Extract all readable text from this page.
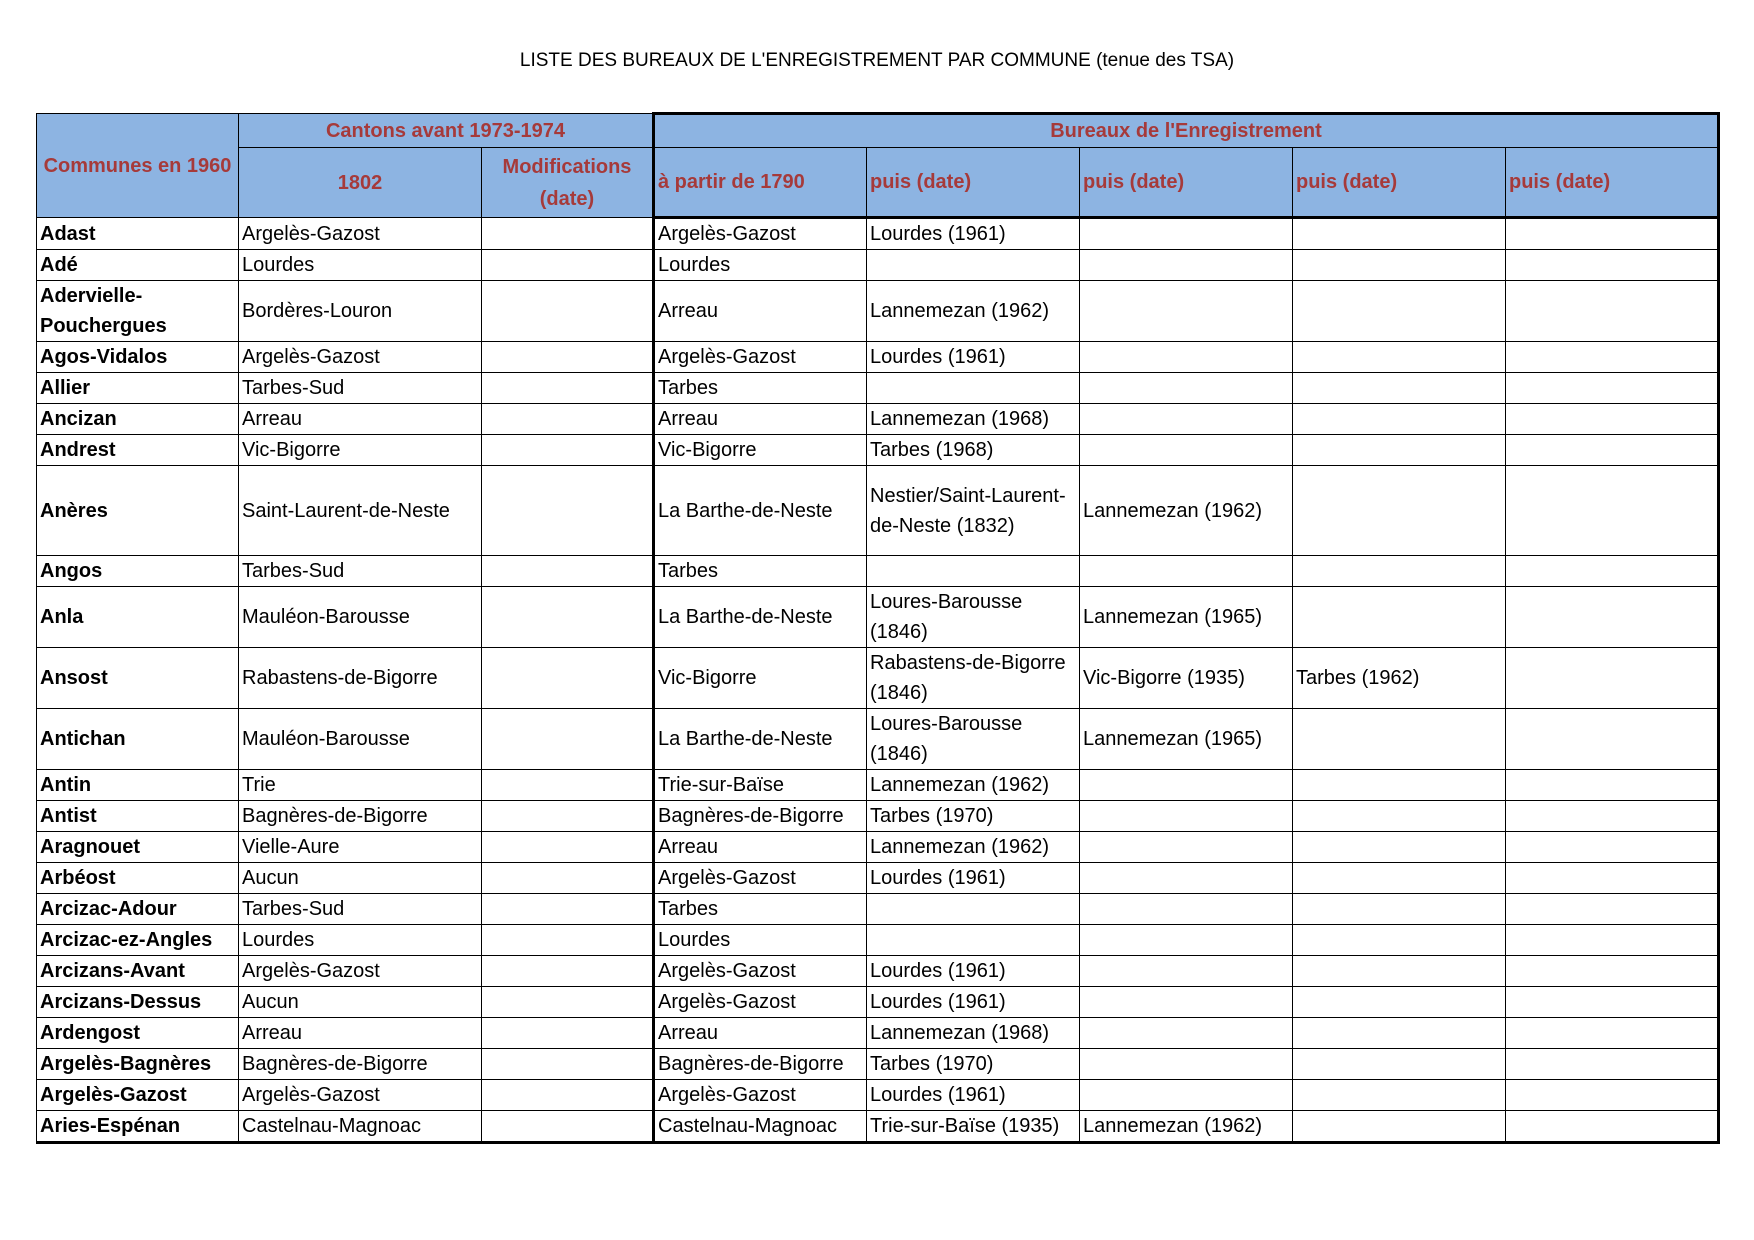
LISTE DES BUREAUX DE L'ENREGISTREMENT PAR COMMUNE (tenue des TSA)
Communes en 1960	Cantons avant 1973-1974		Bureaux de l'Enregistrement				
	1802	Modifications (date)	à partir de 1790	puis (date)	puis (date)	puis (date)	puis (date)
Adast	Argelès-Gazost		Argelès-Gazost	Lourdes (1961)			
Adé	Lourdes		Lourdes				
Adervielle-Pouchergues	Bordères-Louron		Arreau	Lannemezan (1962)			
Agos-Vidalos	Argelès-Gazost		Argelès-Gazost	Lourdes (1961)			
Allier	Tarbes-Sud		Tarbes				
Ancizan	Arreau		Arreau	Lannemezan (1968)			
Andrest	Vic-Bigorre		Vic-Bigorre	Tarbes (1968)			
Anères	Saint-Laurent-de-Neste		La Barthe-de-Neste	Nestier/Saint-Laurent-de-Neste (1832)	Lannemezan (1962)		
Angos	Tarbes-Sud		Tarbes				
Anla	Mauléon-Barousse		La Barthe-de-Neste	Loures-Barousse (1846)	Lannemezan (1965)		
Ansost	Rabastens-de-Bigorre		Vic-Bigorre	Rabastens-de-Bigorre (1846)	Vic-Bigorre (1935)	Tarbes (1962)	
Antichan	Mauléon-Barousse		La Barthe-de-Neste	Loures-Barousse (1846)	Lannemezan (1965)		
Antin	Trie		Trie-sur-Baïse	Lannemezan (1962)			
Antist	Bagnères-de-Bigorre		Bagnères-de-Bigorre	Tarbes (1970)			
Aragnouet	Vielle-Aure		Arreau	Lannemezan (1962)			
Arbéost	Aucun		Argelès-Gazost	Lourdes (1961)			
Arcizac-Adour	Tarbes-Sud		Tarbes				
Arcizac-ez-Angles	Lourdes		Lourdes				
Arcizans-Avant	Argelès-Gazost		Argelès-Gazost	Lourdes (1961)			
Arcizans-Dessus	Aucun		Argelès-Gazost	Lourdes (1961)			
Ardengost	Arreau		Arreau	Lannemezan (1968)			
Argelès-Bagnères	Bagnères-de-Bigorre		Bagnères-de-Bigorre	Tarbes (1970)			
Argelès-Gazost	Argelès-Gazost		Argelès-Gazost	Lourdes (1961)			
Aries-Espénan	Castelnau-Magnoac		Castelnau-Magnoac	Trie-sur-Baïse (1935)	Lannemezan (1962)		
